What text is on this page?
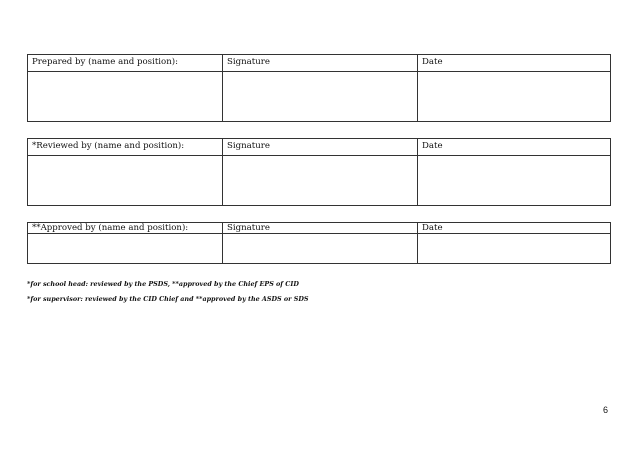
Prepared by (name and position):	Signature	Date

*Reviewed by (name and position):	Signature	Date

**Approved by (name and position):	Signature	Date

*for school head: reviewed by the PSDS, **approved by the Chief EPS of CID
*for supervisor: reviewed by the CID Chief and **approved by the ASDS or SDS
6
